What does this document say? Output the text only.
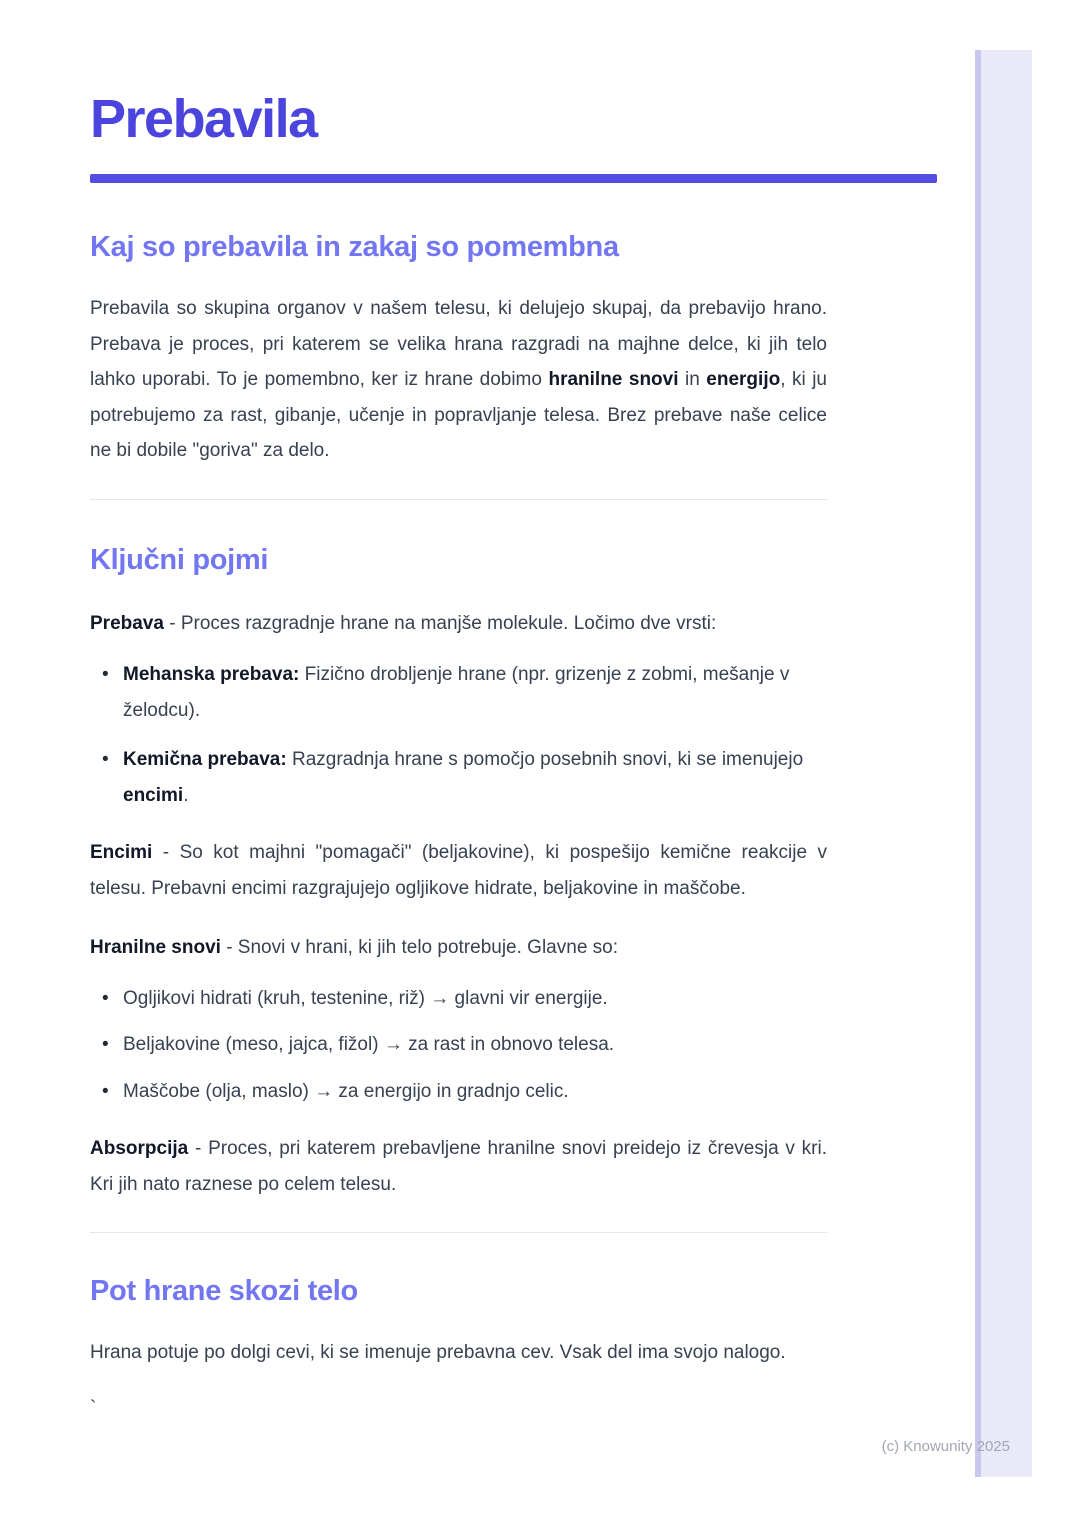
Prebavila
Kaj so prebavila in zakaj so pomembna

Prebavila so skupina organov v našem telesu, ki delujejo skupaj, da prebavijo hrano. Prebava je proces, pri katerem se velika hrana razgradi na majhne delce, ki jih telo lahko uporabi. To je pomembno, ker iz hrane dobimo hranilne snovi in energijo, ki ju potrebujemo za rast, gibanje, učenje in popravljanje telesa. Brez prebave naše celice ne bi dobile "goriva" za delo.

Ključni pojmi

Prebava - Proces razgradnje hrane na manjše molekule. Ločimo dve vrsti:

• Mehanska prebava: Fizično drobljenje hrane (npr. grizenje z zobmi, mešanje v želodcu).
• Kemična prebava: Razgradnja hrane s pomočjo posebnih snovi, ki se imenujejo encimi.

Encimi - So kot majhni "pomagači" (beljakovine), ki pospešijo kemične reakcije v telesu. Prebavni encimi razgrajujejo ogljikove hidrate, beljakovine in maščobe.

Hranilne snovi - Snovi v hrani, ki jih telo potrebuje. Glavne so:

• Ogljikovi hidrati (kruh, testenine, riž) → glavni vir energije.
• Beljakovine (meso, jajca, fižol) → za rast in obnovo telesa.
• Maščobe (olja, maslo) → za energijo in gradnjo celic.

Absorpcija - Proces, pri katerem prebavljene hranilne snovi preidejo iz črevesja v kri. Kri jih nato raznese po celem telesu.

Pot hrane skozi telo

Hrana potuje po dolgi cevi, ki se imenuje prebavna cev. Vsak del ima svojo nalogo.

`

(c) Knowunity 2025
